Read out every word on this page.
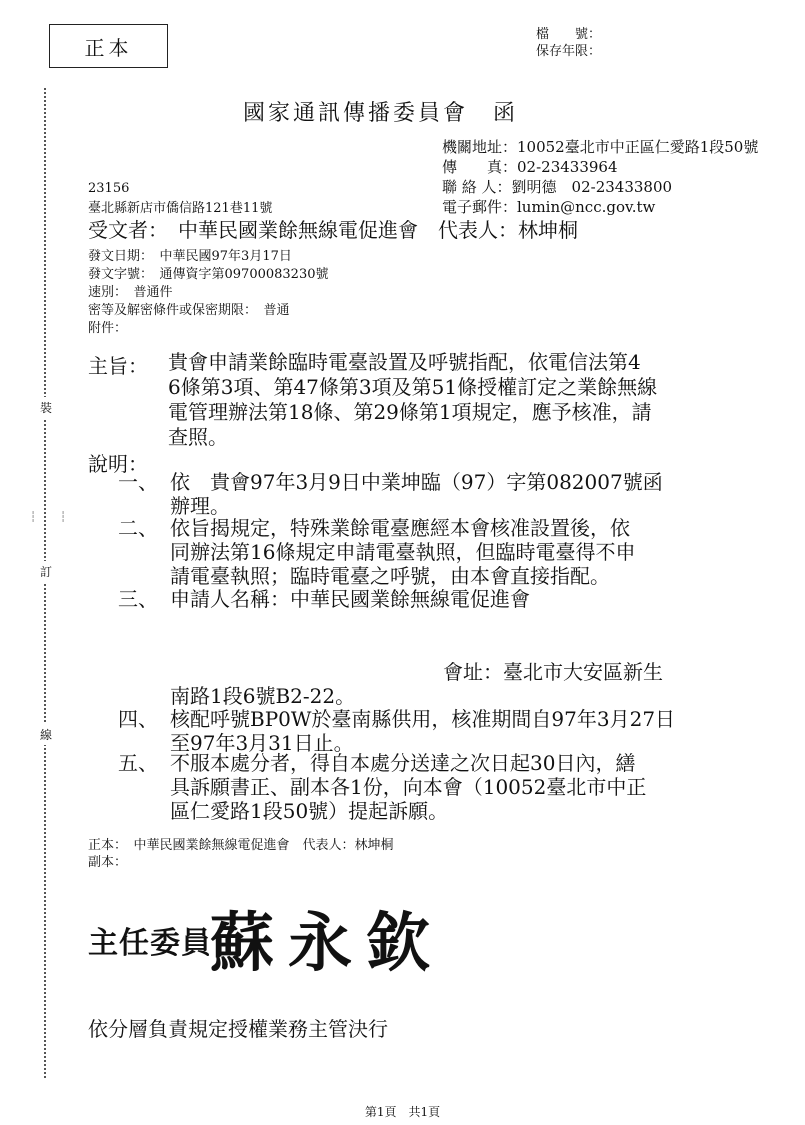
正本
檔　　號：
保存年限：
裝
訂
線
┆ ┆
國家通訊傳播委員會　函
機關地址：10052臺北市中正區仁愛路1段50號
傳　　真：02-23433964
聯 絡 人：劉明德　02-23433800
電子郵件：lumin@ncc.gov.tw
23156
臺北縣新店市僑信路121巷11號
受文者：　中華民國業餘無線電促進會　代表人：林坤桐
發文日期：　中華民國97年3月17日
發文字號：　通傳資字第09700083230號
速別：　普通件
密等及解密條件或保密期限：　普通
附件：
主旨： 貴會申請業餘臨時電臺設置及呼號指配，依電信法第4
6條第3項、第47條第3項及第51條授權訂定之業餘無線
電管理辦法第18條、第29條第1項規定，應予核准，請
查照。
說明：
一、 依　貴會97年3月9日中業坤臨（97）字第082007號函
辦理。
二、 依旨揭規定，特殊業餘電臺應經本會核准設置後，依
同辦法第16條規定申請電臺執照，但臨時電臺得不申
請電臺執照；臨時電臺之呼號，由本會直接指配。
三、 申請人名稱：中華民國業餘無線電促進會
會址：臺北市大安區新生
南路1段6號B2-22。
四、 核配呼號BP0W於臺南縣供用，核准期間自97年3月27日
至97年3月31日止。
五、 不服本處分者，得自本處分送達之次日起30日內，繕
具訴願書正、副本各1份，向本會（10052臺北市中正
區仁愛路1段50號）提起訴願。
正本：　中華民國業餘無線電促進會　代表人：林坤桐
副本：
主任委員
蘇永欽
依分層負責規定授權業務主管決行
第1頁　共1頁
